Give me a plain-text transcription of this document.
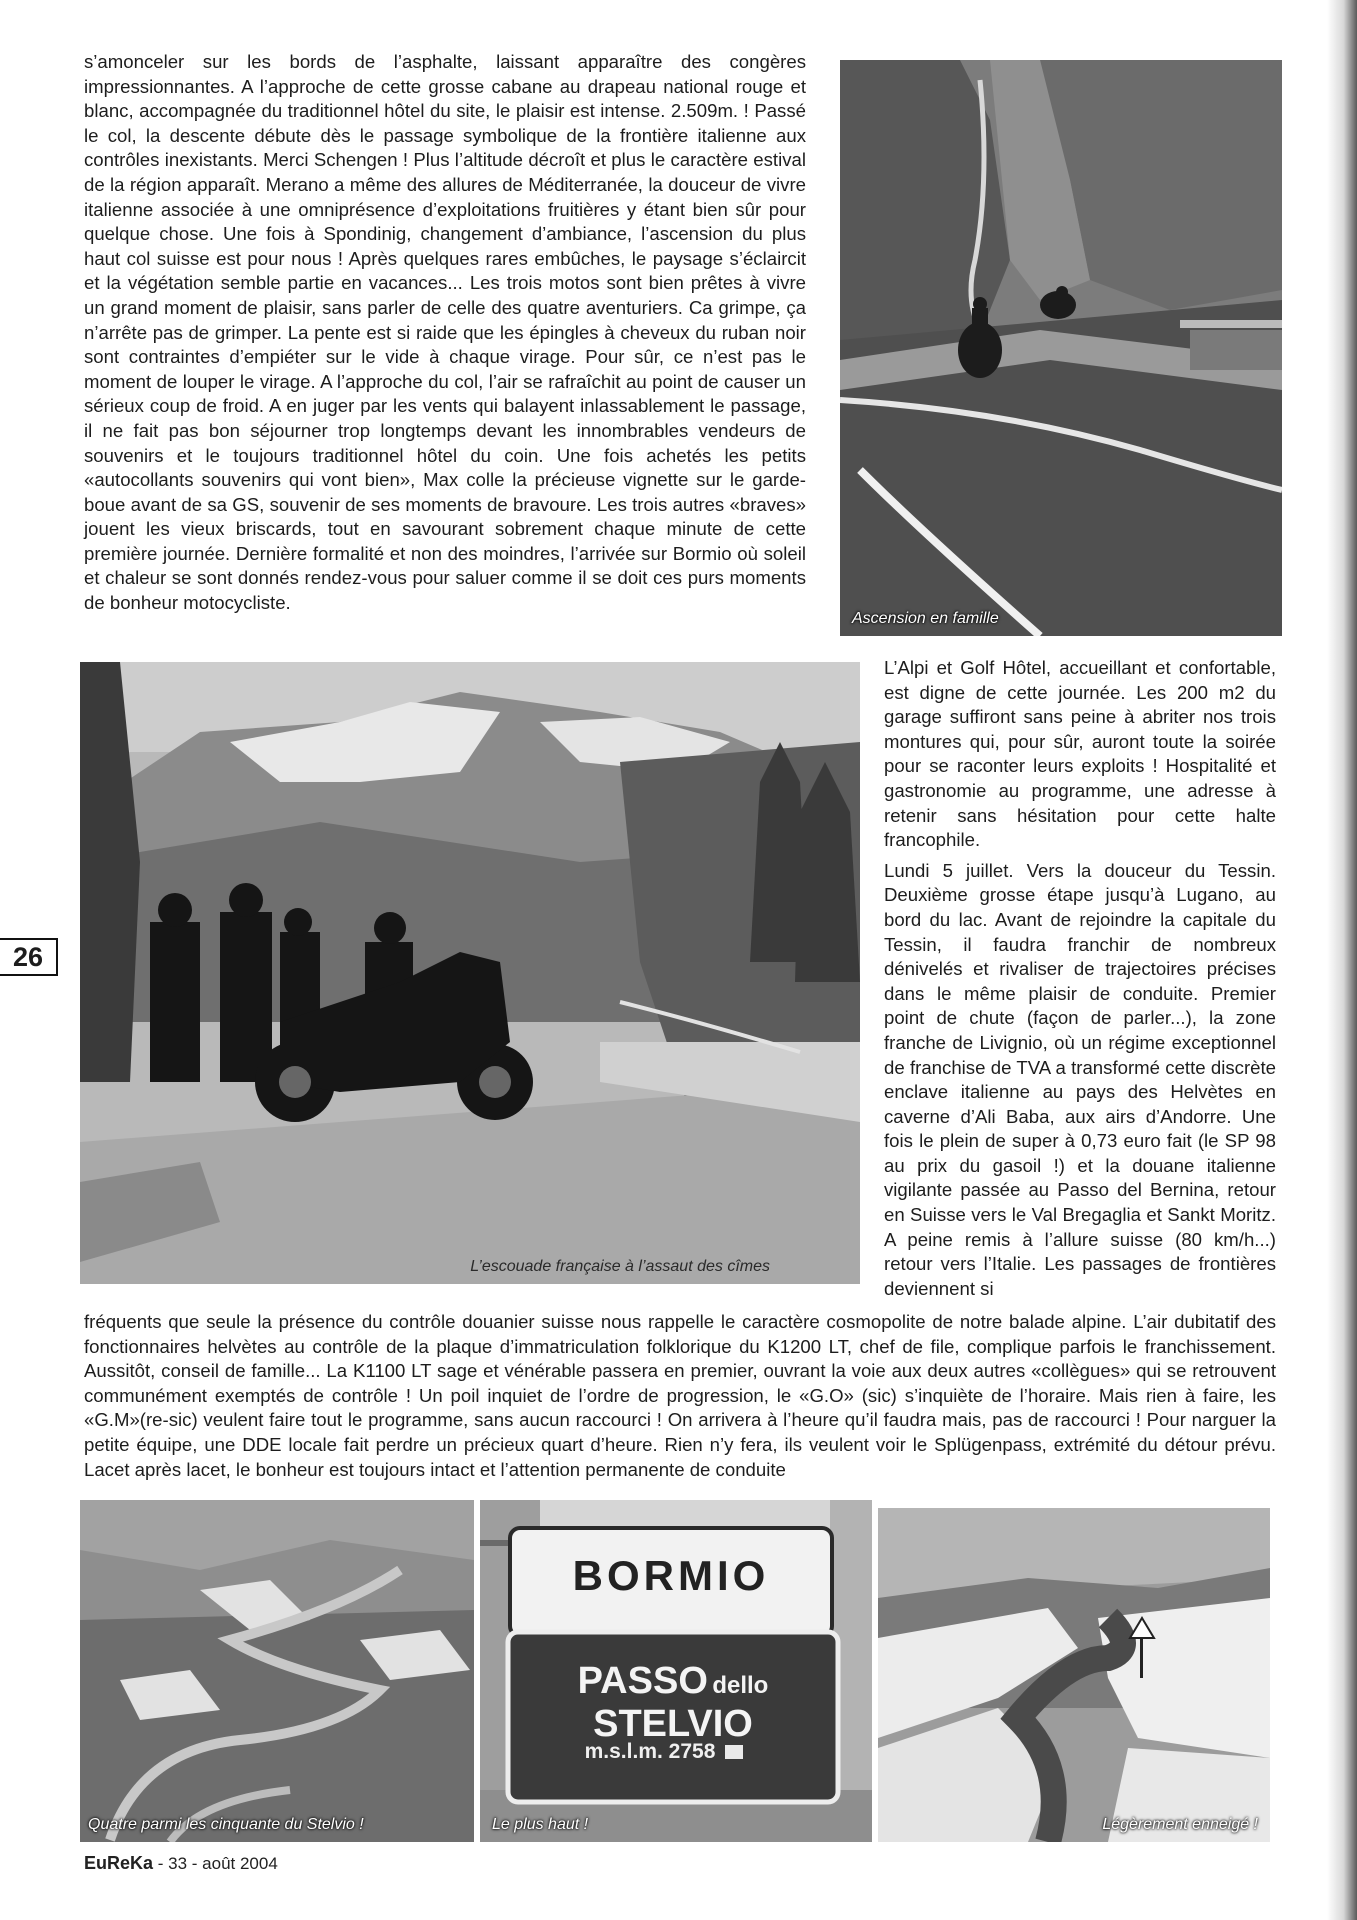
s’amonceler sur les bords de l’asphalte, laissant apparaître des congères impressionnantes. A l’approche de cette grosse cabane au drapeau national rouge et blanc, accompagnée du traditionnel hôtel du site, le plaisir est intense. 2.509m. ! Passé le col, la descente débute dès le passage symbolique de la frontière italienne aux contrôles inexistants. Merci Schengen ! Plus l’altitude décroît et plus le caractère estival de la région apparaît. Merano a même des allures de Méditerranée, la douceur de vivre italienne associée à une omniprésence d’exploitations fruitières y étant bien sûr pour quelque chose. Une fois à Spondinig, changement d’ambiance, l’ascension du plus haut col suisse est pour nous ! Après quelques rares embûches, le paysage s’éclaircit et la végétation semble partie en vacances... Les trois motos sont bien prêtes à vivre un grand moment de plaisir, sans parler de celle des quatre aventuriers. Ca grimpe, ça n’arrête pas de grimper. La pente est si raide que les épingles à cheveux du ruban noir sont contraintes d’empiéter sur le vide à chaque virage. Pour sûr, ce n’est pas le moment de louper le virage. A l’approche du col, l’air se rafraîchit au point de causer un sérieux coup de froid. A en juger par les vents qui balayent inlassablement le passage, il ne fait pas bon séjourner trop longtemps devant les innombrables vendeurs de souvenirs et le toujours traditionnel hôtel du coin. Une fois achetés les petits «autocollants souvenirs qui vont bien», Max colle la précieuse vignette sur le garde-boue avant de sa GS, souvenir de ses moments de bravoure. Les trois autres «braves» jouent les vieux briscards, tout en savourant sobrement chaque minute de cette première journée. Dernière formalité et non des moindres, l’arrivée sur Bormio où soleil et chaleur se sont donnés rendez-vous pour saluer comme il se doit ces purs moments de bonheur motocycliste.

Ascension en famille
L’escouade française à l’assaut des cîmes

L’Alpi et Golf Hôtel, accueillant et confortable, est digne de cette journée. Les 200 m2 du garage suffiront sans peine à abriter nos trois montures qui, pour sûr, auront toute la soirée pour se raconter leurs exploits ! Hospitalité et gastronomie au programme, une adresse à retenir sans hésitation pour cette halte francophile.

Lundi 5 juillet. Vers la douceur du Tessin. Deuxième grosse étape jusqu’à Lugano, au bord du lac. Avant de rejoindre la capitale du Tessin, il faudra franchir de nombreux dénivelés et rivaliser de trajectoires précises dans le même plaisir de conduite. Premier point de chute (façon de parler...), la zone franche de Livignio, où un régime exceptionnel de franchise de TVA a transformé cette discrète enclave italienne au pays des Helvètes en caverne d’Ali Baba, aux airs d’Andorre. Une fois le plein de super à 0,73 euro fait (le SP 98 au prix du gasoil !) et la douane italienne vigilante passée au Passo del Bernina, retour en Suisse vers le Val Bregaglia et Sankt Moritz. A peine remis à l’allure suisse (80 km/h...) retour vers l’Italie. Les passages de frontières deviennent si

26

fréquents que seule la présence du contrôle douanier suisse nous rappelle le caractère cosmopolite de notre balade alpine. L’air dubitatif des fonctionnaires helvètes au contrôle de la plaque d’immatriculation folklorique du K1200 LT, chef de file, complique parfois le franchissement. Aussitôt, conseil de famille... La K1100 LT sage et vénérable passera en premier, ouvrant la voie aux deux autres «collègues» qui se retrouvent communément exemptés de contrôle ! Un poil inquiet de l’ordre de progression, le «G.O» (sic) s’inquiète de l’horaire. Mais rien à faire, les «G.M»(re-sic) veulent faire tout le programme, sans aucun raccourci ! On arrivera à l’heure qu’il faudra mais, pas de raccourci ! Pour narguer la petite équipe, une DDE locale fait perdre un précieux quart d’heure. Rien n’y fera, ils veulent voir le Splügenpass, extrémité du détour prévu. Lacet après lacet, le bonheur est toujours intact et l’attention permanente de conduite

Quatre parmi les cinquante du Stelvio !
BORMIO
PASSO dello STELVIO
m.s.l.m. 2758
Le plus haut !	Légèrement enneigé !
EuReKa - 33 - août 2004
